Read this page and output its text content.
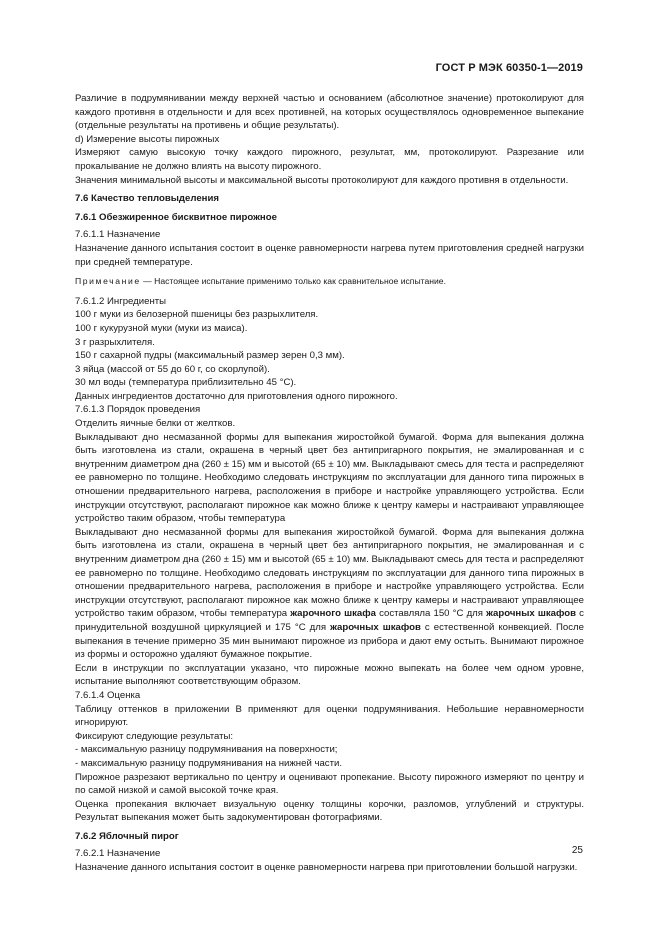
ГОСТ Р МЭК 60350-1—2019

Различие в подрумянивании между верхней частью и основанием (абсолютное значение) протоколируют для каждого противня в отдельности и для всех противней, на которых осуществлялось одновременное выпекание (отдельные результаты на противень и общие результаты).

d) Измерение высоты пирожных

Измеряют самую высокую точку каждого пирожного, результат, мм, протоколируют. Разрезание или прокалывание не должно влиять на высоту пирожного.

Значения минимальной высоты и максимальной высоты протоколируют для каждого противня в отдельности.

7.6 Качество тепловыделения

7.6.1 Обезжиренное бисквитное пирожное

7.6.1.1 Назначение

Назначение данного испытания состоит в оценке равномерности нагрева путем приготовления средней нагрузки при средней температуре.

Примечание — Настоящее испытание применимо только как сравнительное испытание.

7.6.1.2 Ингредиенты

100 г муки из белозерной пшеницы без разрыхлителя.

100 г кукурузной муки (муки из маиса).

3 г разрыхлителя.

150 г сахарной пудры (максимальный размер зерен 0,3 мм).

3 яйца (массой от 55 до 60 г, со скорлупой).

30 мл воды (температура приблизительно 45 °С).

Данных ингредиентов достаточно для приготовления одного пирожного.

7.6.1.3 Порядок проведения

Отделить яичные белки от желтков.

Выкладывают дно несмазанной формы для выпекания жиростойкой бумагой. Форма для выпекания должна быть изготовлена из стали, окрашена в черный цвет без антипригарного покрытия, не эмалированная и с внутренним диаметром дна (260 ± 15) мм и высотой (65 ± 10) мм. Выкладывают смесь для теста и распределяют ее равномерно по толщине. Необходимо следовать инструкциям по эксплуатации для данного типа пирожных в отношении предварительного нагрева, расположения в приборе и настройке управляющего устройства. Если инструкции отсутствуют, располагают пирожное как можно ближе к центру камеры и настраивают управляющее устройство таким образом, чтобы температура

Выкладывают дно несмазанной формы для выпекания жиростойкой бумагой. Форма для выпекания должна быть изготовлена из стали, окрашена в черный цвет без антипригарного покрытия, не эмалированная и с внутренним диаметром дна (260 ± 15) мм и высотой (65 ± 10) мм. Выкладывают смесь для теста и распределяют ее равномерно по толщине. Необходимо следовать инструкциям по эксплуатации для данного типа пирожных в отношении предварительного нагрева, расположения в приборе и настройке управляющего устройства. Если инструкции отсутствуют, располагают пирожное как можно ближе к центру камеры и настраивают управляющее устройство таким образом, чтобы температура жарочного шкафа составляла 150 °С для жарочных шкафов с принудительной воздушной циркуляцией и 175 °С для жарочных шкафов с естественной конвекцией. После выпекания в течение примерно 35 мин вынимают пирожное из прибора и дают ему остыть. Вынимают пирожное из формы и осторожно удаляют бумажное покрытие.

Если в инструкции по эксплуатации указано, что пирожные можно выпекать на более чем одном уровне, испытание выполняют соответствующим образом.

7.6.1.4 Оценка

Таблицу оттенков в приложении В применяют для оценки подрумянивания. Небольшие неравномерности игнорируют.

Фиксируют следующие результаты:

- максимальную разницу подрумянивания на поверхности;

- максимальную разницу подрумянивания на нижней части.

Пирожное разрезают вертикально по центру и оценивают пропекание. Высоту пирожного измеряют по центру и по самой низкой и самой высокой точке края.

Оценка пропекания включает визуальную оценку толщины корочки, разломов, углублений и структуры. Результат выпекания может быть задокументирован фотографиями.

7.6.2 Яблочный пирог

7.6.2.1 Назначение

Назначение данного испытания состоит в оценке равномерности нагрева при приготовлении большой нагрузки.

25
